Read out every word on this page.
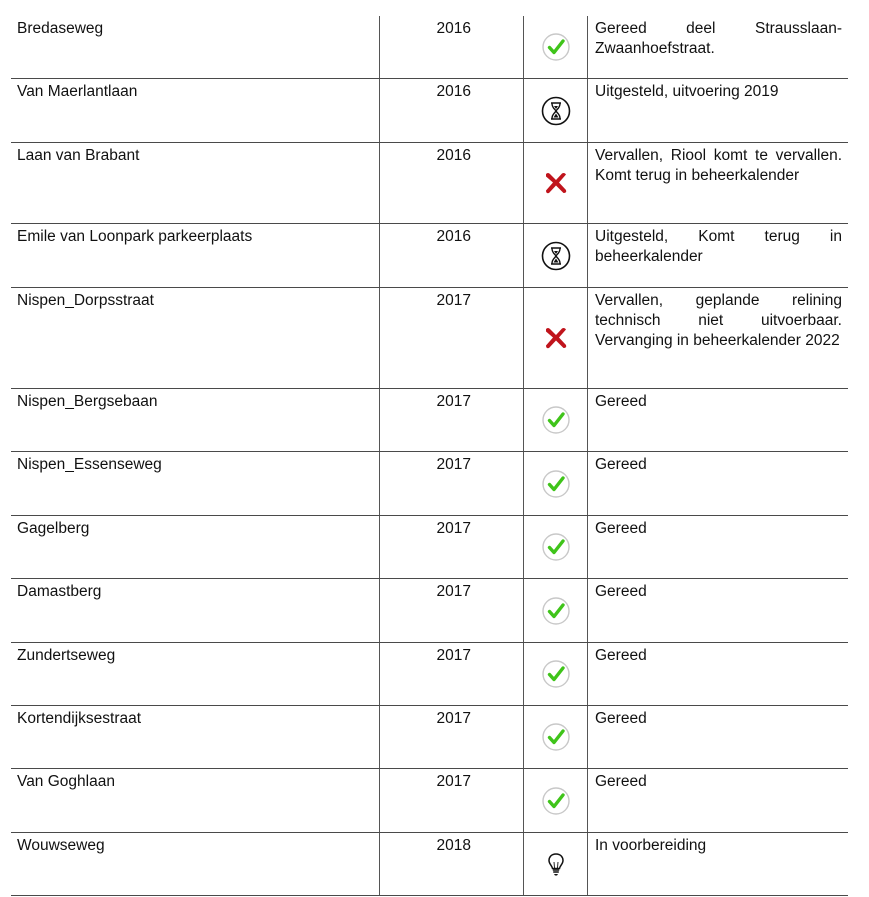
Bredaseweg	2016	Gereed deel Strausslaan-Zwaanhoefstraat.
Van Maerlantlaan	2016	Uitgesteld, uitvoering 2019
Laan van Brabant	2016	Vervallen, Riool komt te vervallen. Komt terug in beheerkalender
Emile van Loonpark parkeerplaats	2016	Uitgesteld, Komt terug in beheerkalender
Nispen_Dorpsstraat	2017	Vervallen, geplande relining technisch niet uitvoerbaar. Vervanging in beheerkalender 2022
Nispen_Bergsebaan	2017	Gereed
Nispen_Essenseweg	2017	Gereed
Gagelberg	2017	Gereed
Damastberg	2017	Gereed
Zundertseweg	2017	Gereed
Kortendijksestraat	2017	Gereed
Van Goghlaan	2017	Gereed
Wouwseweg	2018	In voorbereiding
